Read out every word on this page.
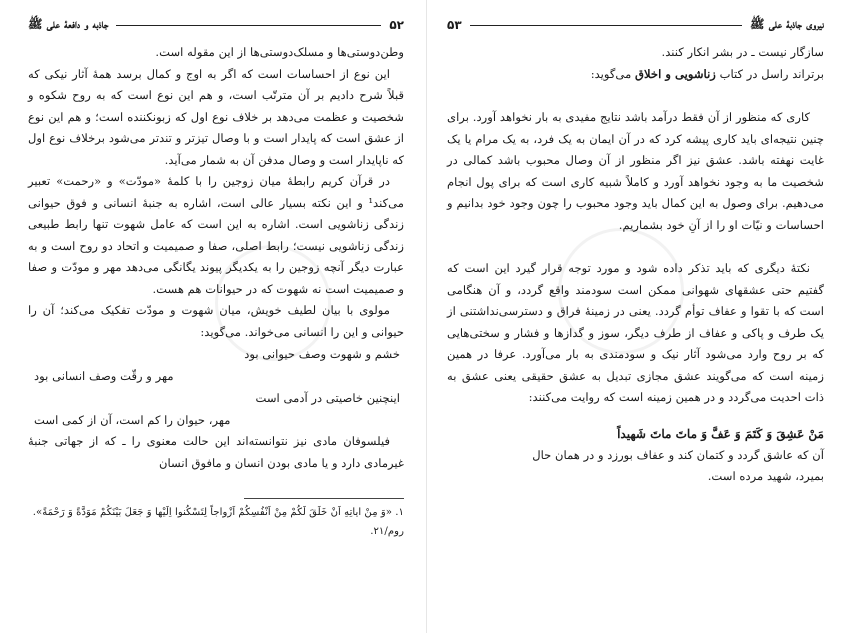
۵۲
جاذبه و دافعهٔ علی ﷺ

وطن‌دوستی‌ها و مسلک‌دوستی‌ها از این مقوله است.

این نوع از احساسات است که اگر به اوج و کمال برسد همهٔ آثار نیکی که قبلاً شرح دادیم بر آن مترتّب است، و هم این نوع است که به روح شکوه و شخصیت و عظمت می‌دهد بر خلاف نوع اول که زبونکننده است؛ و هم این نوع از عشق است که پایدار است و با وصال تیزتر و تندتر می‌شود برخلاف نوع اول که ناپایدار است و وصال مدفن آن به شمار می‌آید.

در قرآن کریم رابطهٔ میان زوجین را با کلمهٔ «مودّت» و «رحمت» تعبیر می‌کند¹ و این نکته بسیار عالی است، اشاره به جنبهٔ انسانی و فوق حیوانی زندگی زناشویی است. اشاره به این است که عامل شهوت تنها رابط طبیعی زندگی زناشویی نیست؛ رابط اصلی، صفا و صمیمیت و اتحاد دو روح است و به عبارت دیگر آنچه زوجین را به یکدیگر پیوند یگانگی می‌دهد مهر و مودّت و صفا و صمیمیت است نه شهوت که در حیوانات هم هست.

مولوی با بیان لطیف خویش، میان شهوت و مودّت تفکیک می‌کند؛ آن را حیوانی و این را انسانی می‌خواند. می‌گوید:

خشم و شهوت وصف حیوانی بود
مهر و رقّت وصف انسانی بود
اینچنین خاصیتی در آدمی است
مهر، حیوان را کم است، آن از کمی است

فیلسوفان مادی نیز نتوانسته‌اند این حالت معنوی را ـ که از جهاتی جنبهٔ غیرمادی دارد و یا مادی بودن انسان و مافوق انسان

۱. «وَ مِنْ ایاتِهِ اَنْ خَلَقَ لَکُمْ مِنْ اَنْفُسِکُمْ اَزْواجاً لِتَسْکُنوا اِلَیْها وَ جَعَلَ بَیْنَکُمْ مَوَدَّةً وَ رَحْمَةً». روم/۲۱.
نیروی جاذبهٔ علی ﷺ
۵۳

سازگار نیست ـ در بشر انکار کنند.

برتراند راسل در کتاب زناشویی و اخلاق می‌گوید:

کاری که منظور از آن فقط درآمد باشد نتایج مفیدی به بار نخواهد آورد. برای چنین نتیجه‌ای باید کاری پیشه کرد که در آن ایمان به یک فرد، به یک مرام یا یک غایت نهفته باشد. عشق نیز اگر منظور از آن وصال محبوب باشد کمالی در شخصیت ما به وجود نخواهد آورد و کاملاً شبیه کاری است که برای پول انجام می‌دهیم. برای وصول به این کمال باید وجود محبوب را چون وجود خود بدانیم و احساسات و نیّات او را از آنِ خود بشماریم.

نکتهٔ دیگری که باید تذکر داده شود و مورد توجه قرار گیرد این است که گفتیم حتی عشقهای شهوانی ممکن است سودمند واقع گردد، و آن هنگامی است که با تقوا و عفاف توأم گردد. یعنی در زمینهٔ فراق و دسترسی‌نداشتنی از یک طرف و پاکی و عفاف از طرف دیگر، سوز و گدازها و فشار و سختی‌هایی که بر روح وارد می‌شود آثار نیک و سودمندی به بار می‌آورد. عرفا در همین زمینه است که می‌گویند عشق مجازی تبدیل به عشق حقیقی یعنی عشق به ذات احدیت می‌گردد و در همین زمینه است که روایت می‌کنند:

مَنْ عَشِقَ وَ کَتَمَ وَ عَفَّ وَ ماتَ ماتَ شَهيداً

آن که عاشق گردد و کتمان کند و عفاف بورزد و در همان حال

بمیرد، شهید مرده است.
